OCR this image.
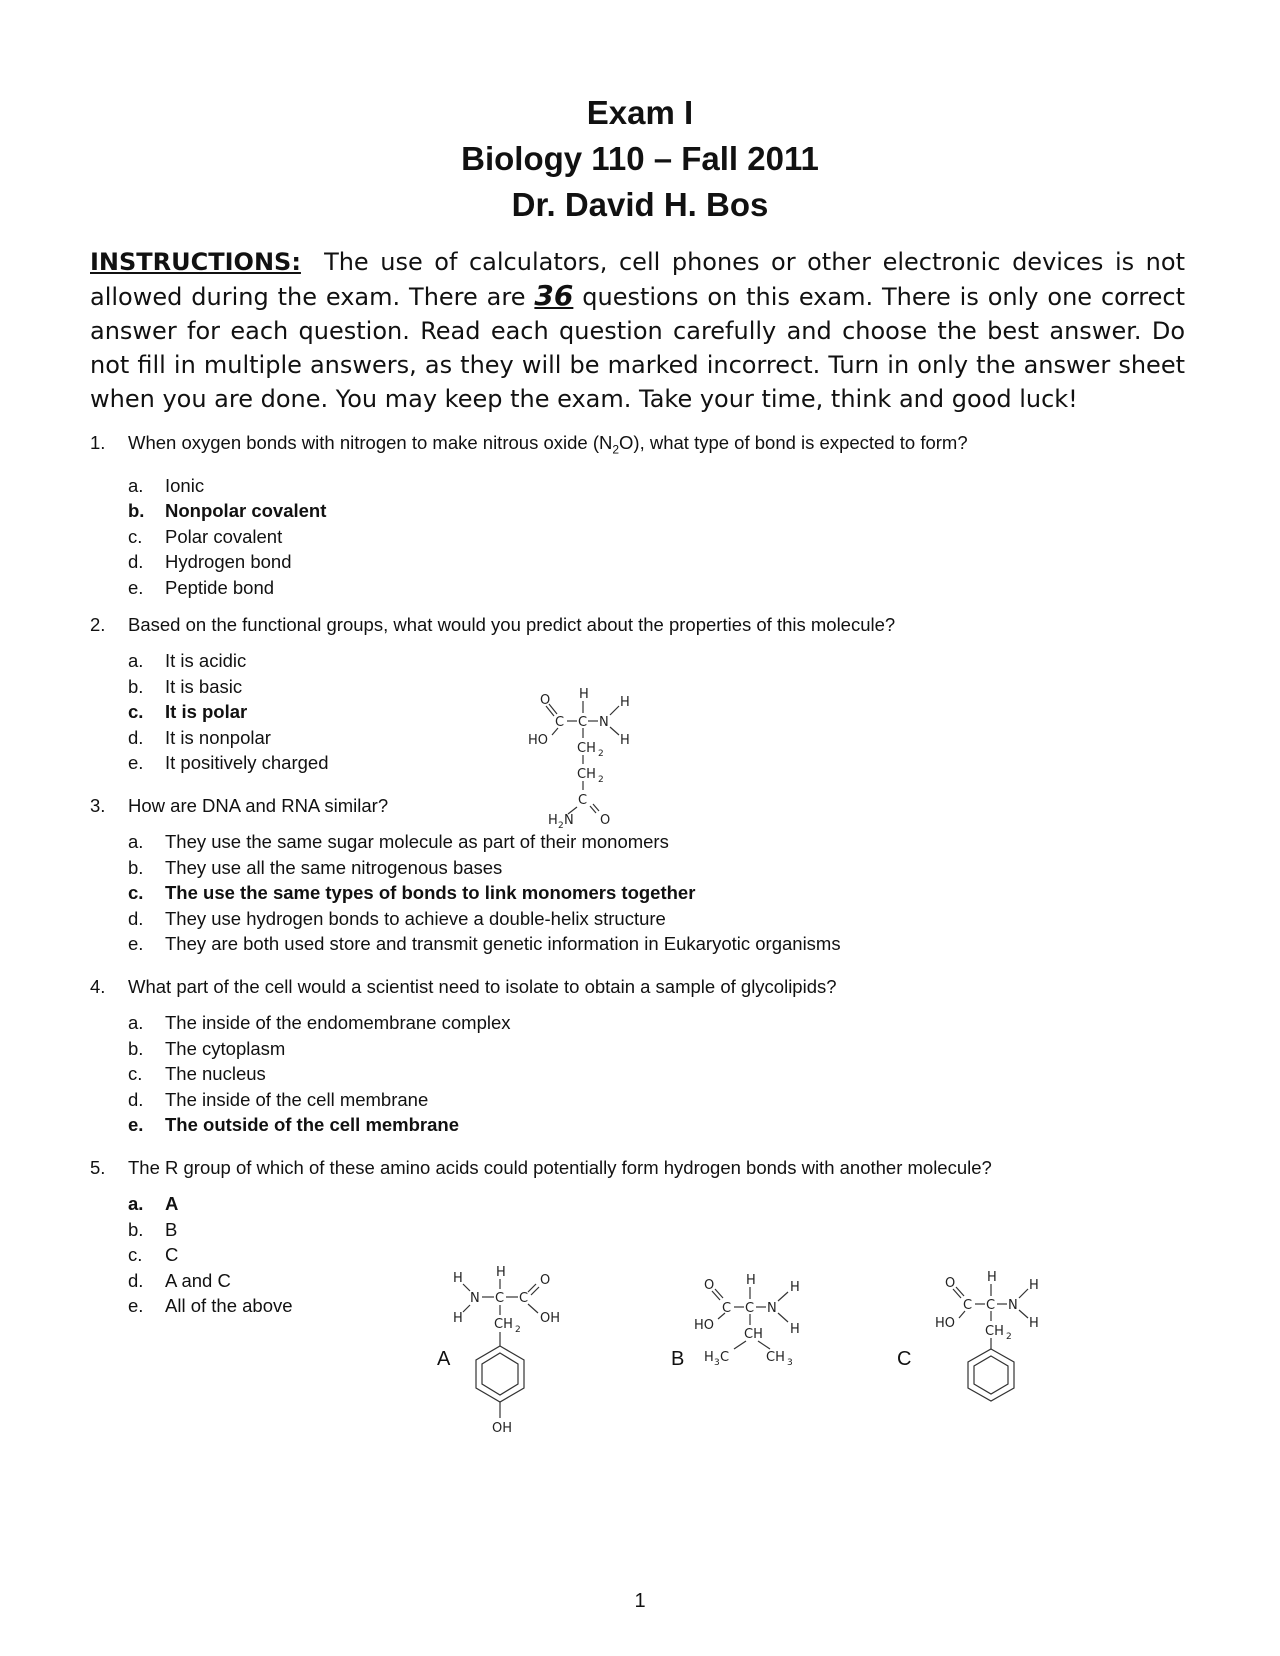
Exam I
Biology 110 – Fall 2011
Dr. David H. Bos
INSTRUCTIONS: The use of calculators, cell phones or other electronic devices is not allowed during the exam. There are 36 questions on this exam. There is only one correct answer for each question. Read each question carefully and choose the best answer. Do not fill in multiple answers, as they will be marked incorrect. Turn in only the answer sheet when you are done. You may keep the exam. Take your time, think and good luck!
1.	When oxygen bonds with nitrogen to make nitrous oxide $(N_2O)$, what type of bond is expected to form?
a.	Ionic
b.	Nonpolar covalent
c.	Polar covalent
d.	Hydrogen bond
e.	Peptide bond
2.	Based on the functional groups, what would you predict about the properties of this molecule?
a.	It is acidic
b.	It is basic
c.	It is polar
d.	It is nonpolar
e.	It positively charged
O
C C N
H
H
H
HO
CH 2
CH 2
C
O
H 2 N
3.	How are DNA and RNA similar?
a.	They use the same sugar molecule as part of their monomers
b.	They use all the same nitrogenous bases
c.	The use the same types of bonds to link monomers together
d.	They use hydrogen bonds to achieve a double-helix structure
e.	They are both used store and transmit genetic information in Eukaryotic organisms
4.	What part of the cell would a scientist need to isolate to obtain a sample of glycolipids?
a.	The inside of the endomembrane complex
b.	The cytoplasm
c.	The nucleus
d.	The inside of the cell membrane
e.	The outside of the cell membrane
5.	The R group of which of these amino acids could potentially form hydrogen bonds with another molecule?
a.	A
b.	B
c.	C
d.	A and C
e.	All of the above
A	B	C
H
N C C
H
H
O
OH
CH 2
OH
O
C C N
H	H
H
HO
CH
H 3 C	CH 3
O
C C N
H
H
H
HO
CH 2
1
